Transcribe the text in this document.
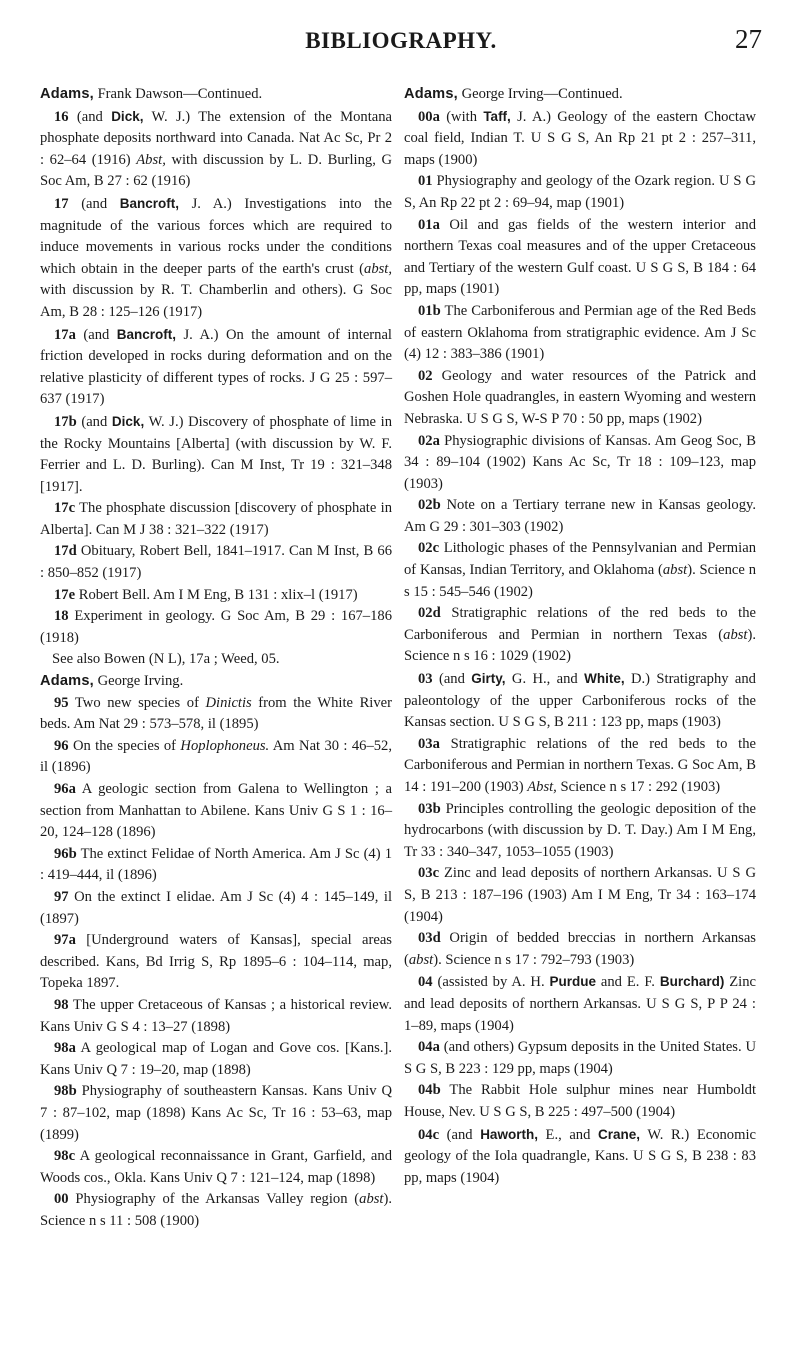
BIBLIOGRAPHY.	27

Adams, Frank Dawson—Continued.

16 (and Dick, W. J.) The extension of the Montana phosphate deposits northward into Canada. Nat Ac Sc, Pr 2 : 62–64 (1916) Abst, with discussion by L. D. Burling, G Soc Am, B 27 : 62 (1916)

17 (and Bancroft, J. A.) Investigations into the magnitude of the various forces which are required to induce movements in various rocks under the conditions which obtain in the deeper parts of the earth's crust (abst, with discussion by R. T. Chamberlin and others). G Soc Am, B 28 : 125–126 (1917)

17a (and Bancroft, J. A.) On the amount of internal friction developed in rocks during deformation and on the relative plasticity of different types of rocks. J G 25 : 597–637 (1917)

17b (and Dick, W. J.) Discovery of phosphate of lime in the Rocky Mountains [Alberta] (with discussion by W. F. Ferrier and L. D. Burling). Can M Inst, Tr 19 : 321–348 [1917].

17c The phosphate discussion [discovery of phosphate in Alberta]. Can M J 38 : 321–322 (1917)

17d Obituary, Robert Bell, 1841–1917. Can M Inst, B 66 : 850–852 (1917)

17e Robert Bell. Am I M Eng, B 131 : xlix–l (1917)

18 Experiment in geology. G Soc Am, B 29 : 167–186 (1918)

See also Bowen (N L), 17a ; Weed, 05.

Adams, George Irving.

95 Two new species of Dinictis from the White River beds. Am Nat 29 : 573–578, il (1895)

96 On the species of Hoplophoneus. Am Nat 30 : 46–52, il (1896)

96a A geologic section from Galena to Wellington ; a section from Manhattan to Abilene. Kans Univ G S 1 : 16–20, 124–128 (1896)

96b The extinct Felidae of North America. Am J Sc (4) 1 : 419–444, il (1896)

97 On the extinct I elidae. Am J Sc (4) 4 : 145–149, il (1897)

97a [Underground waters of Kansas], special areas described. Kans, Bd Irrig S, Rp 1895–6 : 104–114, map, Topeka 1897.

98 The upper Cretaceous of Kansas ; a historical review. Kans Univ G S 4 : 13–27 (1898)

98a A geological map of Logan and Gove cos. [Kans.]. Kans Univ Q 7 : 19–20, map (1898)

98b Physiography of southeastern Kansas. Kans Univ Q 7 : 87–102, map (1898) Kans Ac Sc, Tr 16 : 53–63, map (1899)

98c A geological reconnaissance in Grant, Garfield, and Woods cos., Okla. Kans Univ Q 7 : 121–124, map (1898)

00 Physiography of the Arkansas Valley region (abst). Science n s 11 : 508 (1900)

Adams, George Irving—Continued.

00a (with Taff, J. A.) Geology of the eastern Choctaw coal field, Indian T. U S G S, An Rp 21 pt 2 : 257–311, maps (1900)

01 Physiography and geology of the Ozark region. U S G S, An Rp 22 pt 2 : 69–94, map (1901)

01a Oil and gas fields of the western interior and northern Texas coal measures and of the upper Cretaceous and Tertiary of the western Gulf coast. U S G S, B 184 : 64 pp, maps (1901)

01b The Carboniferous and Permian age of the Red Beds of eastern Oklahoma from stratigraphic evidence. Am J Sc (4) 12 : 383–386 (1901)

02 Geology and water resources of the Patrick and Goshen Hole quadrangles, in eastern Wyoming and western Nebraska. U S G S, W-S P 70 : 50 pp, maps (1902)

02a Physiographic divisions of Kansas. Am Geog Soc, B 34 : 89–104 (1902) Kans Ac Sc, Tr 18 : 109–123, map (1903)

02b Note on a Tertiary terrane new in Kansas geology. Am G 29 : 301–303 (1902)

02c Lithologic phases of the Pennsylvanian and Permian of Kansas, Indian Territory, and Oklahoma (abst). Science n s 15 : 545–546 (1902)

02d Stratigraphic relations of the red beds to the Carboniferous and Permian in northern Texas (abst). Science n s 16 : 1029 (1902)

03 (and Girty, G. H., and White, D.) Stratigraphy and paleontology of the upper Carboniferous rocks of the Kansas section. U S G S, B 211 : 123 pp, maps (1903)

03a Stratigraphic relations of the red beds to the Carboniferous and Permian in northern Texas. G Soc Am, B 14 : 191–200 (1903) Abst, Science n s 17 : 292 (1903)

03b Principles controlling the geologic deposition of the hydrocarbons (with discussion by D. T. Day.) Am I M Eng, Tr 33 : 340–347, 1053–1055 (1903)

03c Zinc and lead deposits of northern Arkansas. U S G S, B 213 : 187–196 (1903) Am I M Eng, Tr 34 : 163–174 (1904)

03d Origin of bedded breccias in northern Arkansas (abst). Science n s 17 : 792–793 (1903)

04 (assisted by A. H. Purdue and E. F. Burchard) Zinc and lead deposits of northern Arkansas. U S G S, P P 24 : 1–89, maps (1904)

04a (and others) Gypsum deposits in the United States. U S G S, B 223 : 129 pp, maps (1904)

04b The Rabbit Hole sulphur mines near Humboldt House, Nev. U S G S, B 225 : 497–500 (1904)

04c (and Haworth, E., and Crane, W. R.) Economic geology of the Iola quadrangle, Kans. U S G S, B 238 : 83 pp, maps (1904)
